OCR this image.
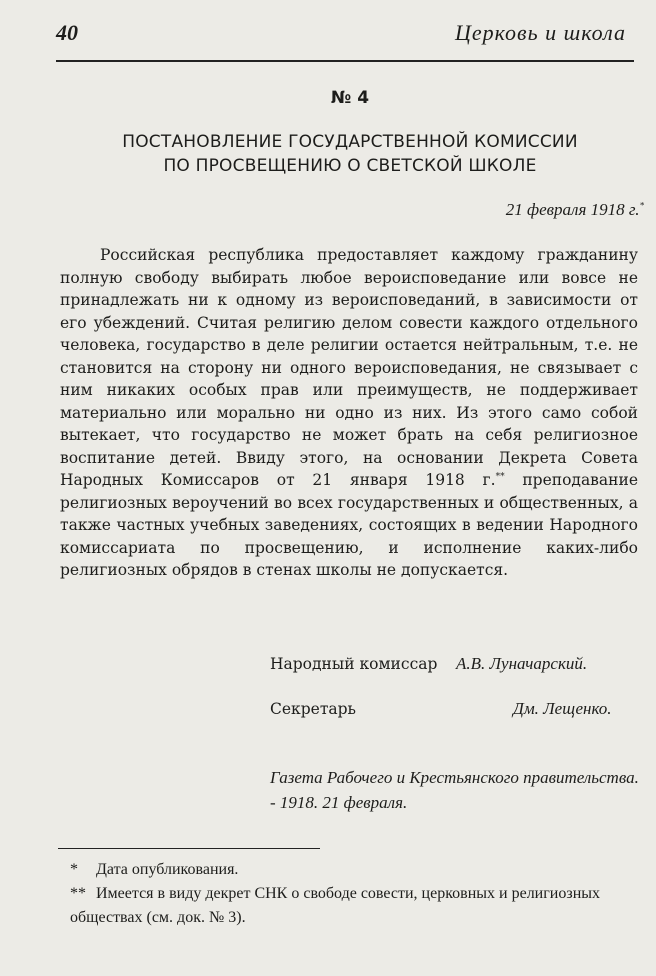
40	Церковь и школа
№ 4
ПОСТАНОВЛЕНИЕ ГОСУДАРСТВЕННОЙ КОМИССИИ
ПО ПРОСВЕЩЕНИЮ О СВЕТСКОЙ ШКОЛЕ
21 февраля 1918 г.*

Российская республика предоставляет каждому гражданину полную свободу выбирать любое вероисповедание или вовсе не принадлежать ни к одному из вероисповеданий, в зависимости от его убеждений. Считая религию делом совести каждого отдельного человека, государство в деле религии остается нейтральным, т.е. не становится на сторону ни одного вероисповедания, не связывает с ним никаких особых прав или преимуществ, не поддерживает материально или морально ни одно из них. Из этого само собой вытекает, что государство не может брать на себя религиозное воспитание детей. Ввиду этого, на основании Декрета Совета Народных Комиссаров от 21 января 1918 г.** преподавание религиозных вероучений во всех государственных и общественных, а также частных учебных заведениях, состоящих в ведении Народного комиссариата по просвещению, и исполнение каких-либо религиозных обрядов в стенах школы не допускается.

Народный комиссар А.В. Луначарский.
Секретарь	Дм. Лещенко.
Газета Рабочего и Крестьянского правительства. - 1918. 21 февраля.

* Дата опубликования.

** Имеется в виду декрет СНК о свободе совести, церковных и религиозных обществах (см. док. № 3).
